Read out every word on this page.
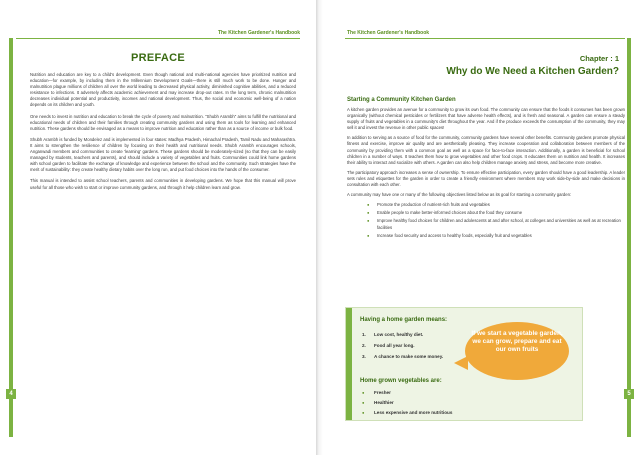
The Kitchen Gardener's Handbook
PREFACE

Nutrition and education are key to a child's development. Even though national and multi-national agencies have prioritized nutrition and education—for example, by including them in the Millennium Development Goals—there is still much work to be done. Hunger and malnutrition plague millions of children all over the world leading to decreased physical activity, diminished cognitive abilities, and a reduced resistance to infections. It adversely affects academic achievement and may increase drop-out rates. In the long term, chronic malnutrition decreases individual potential and productivity, incomes and national development. Thus, the social and economic well-being of a nation depends on its children and youth.

One needs to invest in nutrition and education to break the cycle of poverty and malnutrition. "Shubh Arambh" aims to fulfill the nutritional and educational needs of children and their families through creating community gardens and using them as tools for learning and enhanced nutrition. These gardens should be envisaged as a means to improve nutrition and education rather than as a source of income or bulk food.

Shubh Arambh is funded by Mondelez and is implemented in four states: Madhya Pradesh, Himachal Pradesh, Tamil Nadu and Maharashtra. It aims to strengthen the resilience of children by focusing on their health and nutritional needs. Shubh Arambh encourages schools, Anganwadi members and communities to create 'learning' gardens. These gardens should be moderately-sized (so that they can be easily managed by students, teachers and parents), and should include a variety of vegetables and fruits. Communities could link home gardens with school garden to facilitate the exchange of knowledge and experience between the school and the community. Such strategies have the merit of sustainability: they create healthy dietary habits over the long run, and put food choices into the hands of the consumer.

This manual is intended to assist school teachers, parents and communities in developing gardens. We hope that this manual will prove useful for all those who wish to start or improve community gardens, and through it help children learn and grow.

4
The Kitchen Gardener's Handbook
Chapter : 1
Why do We Need a Kitchen Garden?
Starting a Community Kitchen Garden

A kitchen garden provides an avenue for a community to grow its own food. The community can ensure that the foods it consumes has been grown organically (without chemical pesticides or fertilizers that have adverse health effects), and is fresh and seasonal. A garden can ensure a steady supply of fruits and vegetables in a community's diet throughout the year. And if the produce exceeds the consumption of the community, they may sell it and invest the revenue in other public spaces!

In addition to serving as a source of food for the community, community gardens have several other benefits. Community gardens promote physical fitness and exercise, improve air quality and are aesthetically pleasing. They increase cooperation and collaboration between members of the community by providing them with a common goal as well as a space for face-to-face interaction. Additionally, a garden is beneficial for school children in a number of ways. It teaches them how to grow vegetables and other food crops. It educates them on nutrition and health. It increases their ability to interact and socialize with others. A garden can also help children manage anxiety and stress, and become more creative.

The participatory approach increases a sense of ownership. To ensure effective participation, every garden should have a good leadership. A leader sets rules and etiquettes for the garden in order to create a friendly environment where members may work side-by-side and make decisions in consultation with each other.

A community may have one or many of the following objectives listed below as its goal for starting a community garden:

● Promote the production of nutrient-rich fruits and vegetables
● Enable people to make better-informed choices about the food they consume
● Improve healthy food choices for children and adolescents at and after school, at colleges and universities as well as at recreation facilities
● Increase food security and access to healthy foods, especially fruit and vegetables
5
Having a home garden means:
1. Low cost, healthy diet.
2. Food all year long.
3. A chance to make some money.
Home grown vegetables are:
● Fresher
● Healthier
● Less expensive and more nutritious
If we start a vegetable garden, we can grow, prepare and eat our own fruits
